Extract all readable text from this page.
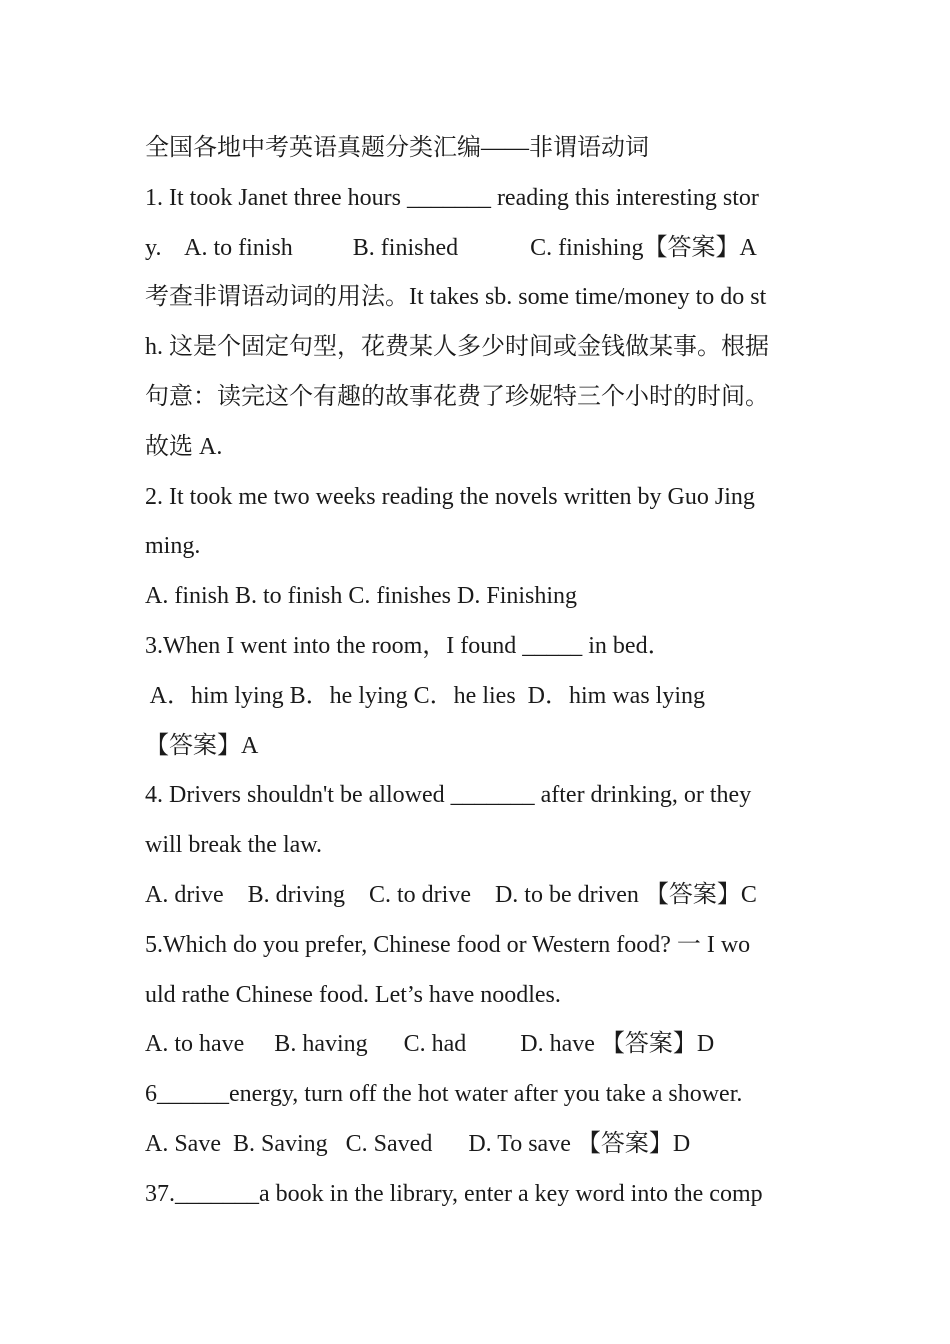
全国各地中考英语真题分类汇编——非谓语动词
1. It took Janet three hours _______ reading this interesting stor
y.    A. to finish          B. finished            C. finishing【答案】A
考查非谓语动词的用法。It takes sb. some time/money to do st
h. 这是个固定句型，花费某人多少时间或金钱做某事。根据
句意：读完这个有趣的故事花费了珍妮特三个小时的时间。
故选 A.
2. It took me two weeks reading the novels written by Guo Jing
ming.
A. finish B. to finish C. finishes D. Finishing
3.When I went into the room，I found _____ in bed．
A．him lying B．he lying C．he lies  D．him was lying
【答案】A
4. Drivers shouldn't be allowed _______ after drinking, or they
will break the law.
A. drive    B. driving    C. to drive    D. to be driven 【答案】C
5.Which do you prefer, Chinese food or Western food? 一 I wo
uld rathe Chinese food. Let’s have noodles.
A. to have     B. having      C. had         D. have 【答案】D
6______energy, turn off the hot water after you take a shower.
A. Save  B. Saving   C. Saved      D. To save 【答案】D
37._______a book in the library, enter a key word into the comp
